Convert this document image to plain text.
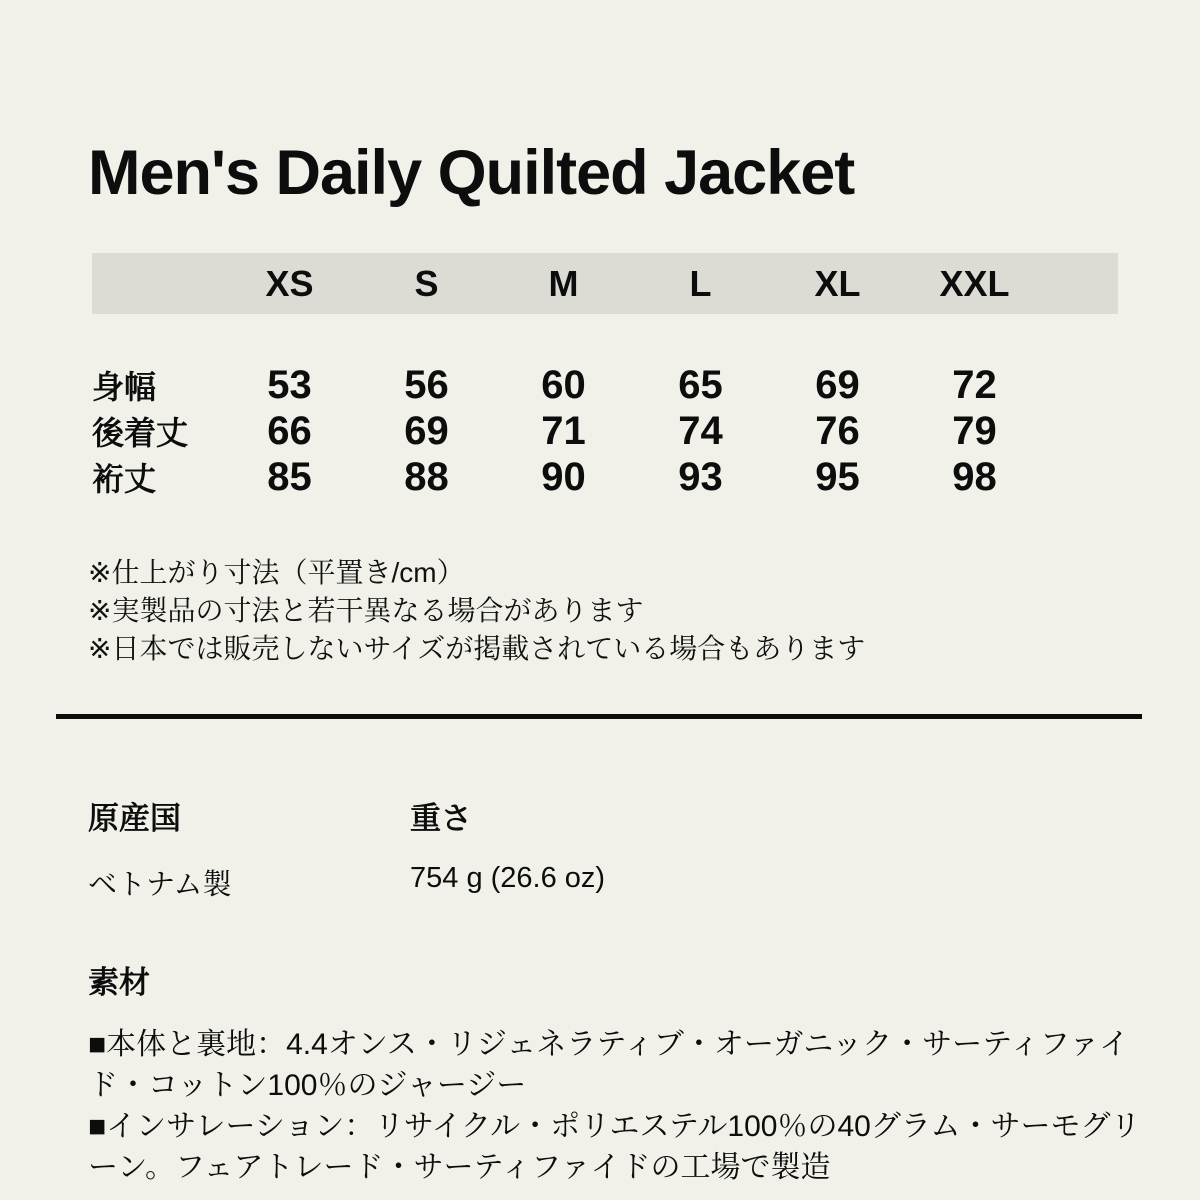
Men's Daily Quilted Jacket
	XS	S	M	L	XL	XXL	
身幅	53	56	60	65	69	72	
後着丈	66	69	71	74	76	79	
裄丈	85	88	90	93	95	98	
※仕上がり寸法（平置き/cm）
※実製品の寸法と若干異なる場合があります
※日本では販売しないサイズが掲載されている場合もあります
原産国	重さ
ベトナム製	754 g (26.6 oz)
素材

■本体と裏地：4.4オンス・リジェネラティブ・オーガニック・サーティファイド・コットン100％のジャージー

■インサレーション：リサイクル・ポリエステル100％の40グラム・サーモグリーン。フェアトレード・サーティファイドの工場で製造
